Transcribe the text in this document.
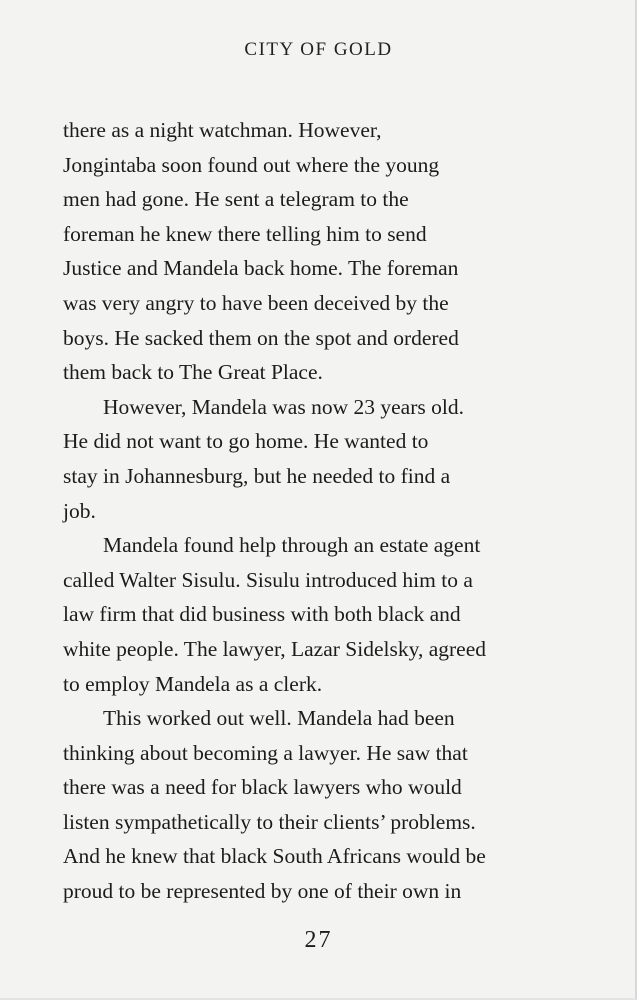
CITY OF GOLD
there as a night watchman. However,
Jongintaba soon found out where the young
men had gone. He sent a telegram to the
foreman he knew there telling him to send
Justice and Mandela back home. The foreman
was very angry to have been deceived by the
boys. He sacked them on the spot and ordered
them back to The Great Place.
However, Mandela was now 23 years old.
He did not want to go home. He wanted to
stay in Johannesburg, but he needed to find a
job.
Mandela found help through an estate agent
called Walter Sisulu. Sisulu introduced him to a
law firm that did business with both black and
white people. The lawyer, Lazar Sidelsky, agreed
to employ Mandela as a clerk.
This worked out well. Mandela had been
thinking about becoming a lawyer. He saw that
there was a need for black lawyers who would
listen sympathetically to their clients’ problems.
And he knew that black South Africans would be
proud to be represented by one of their own in
27
